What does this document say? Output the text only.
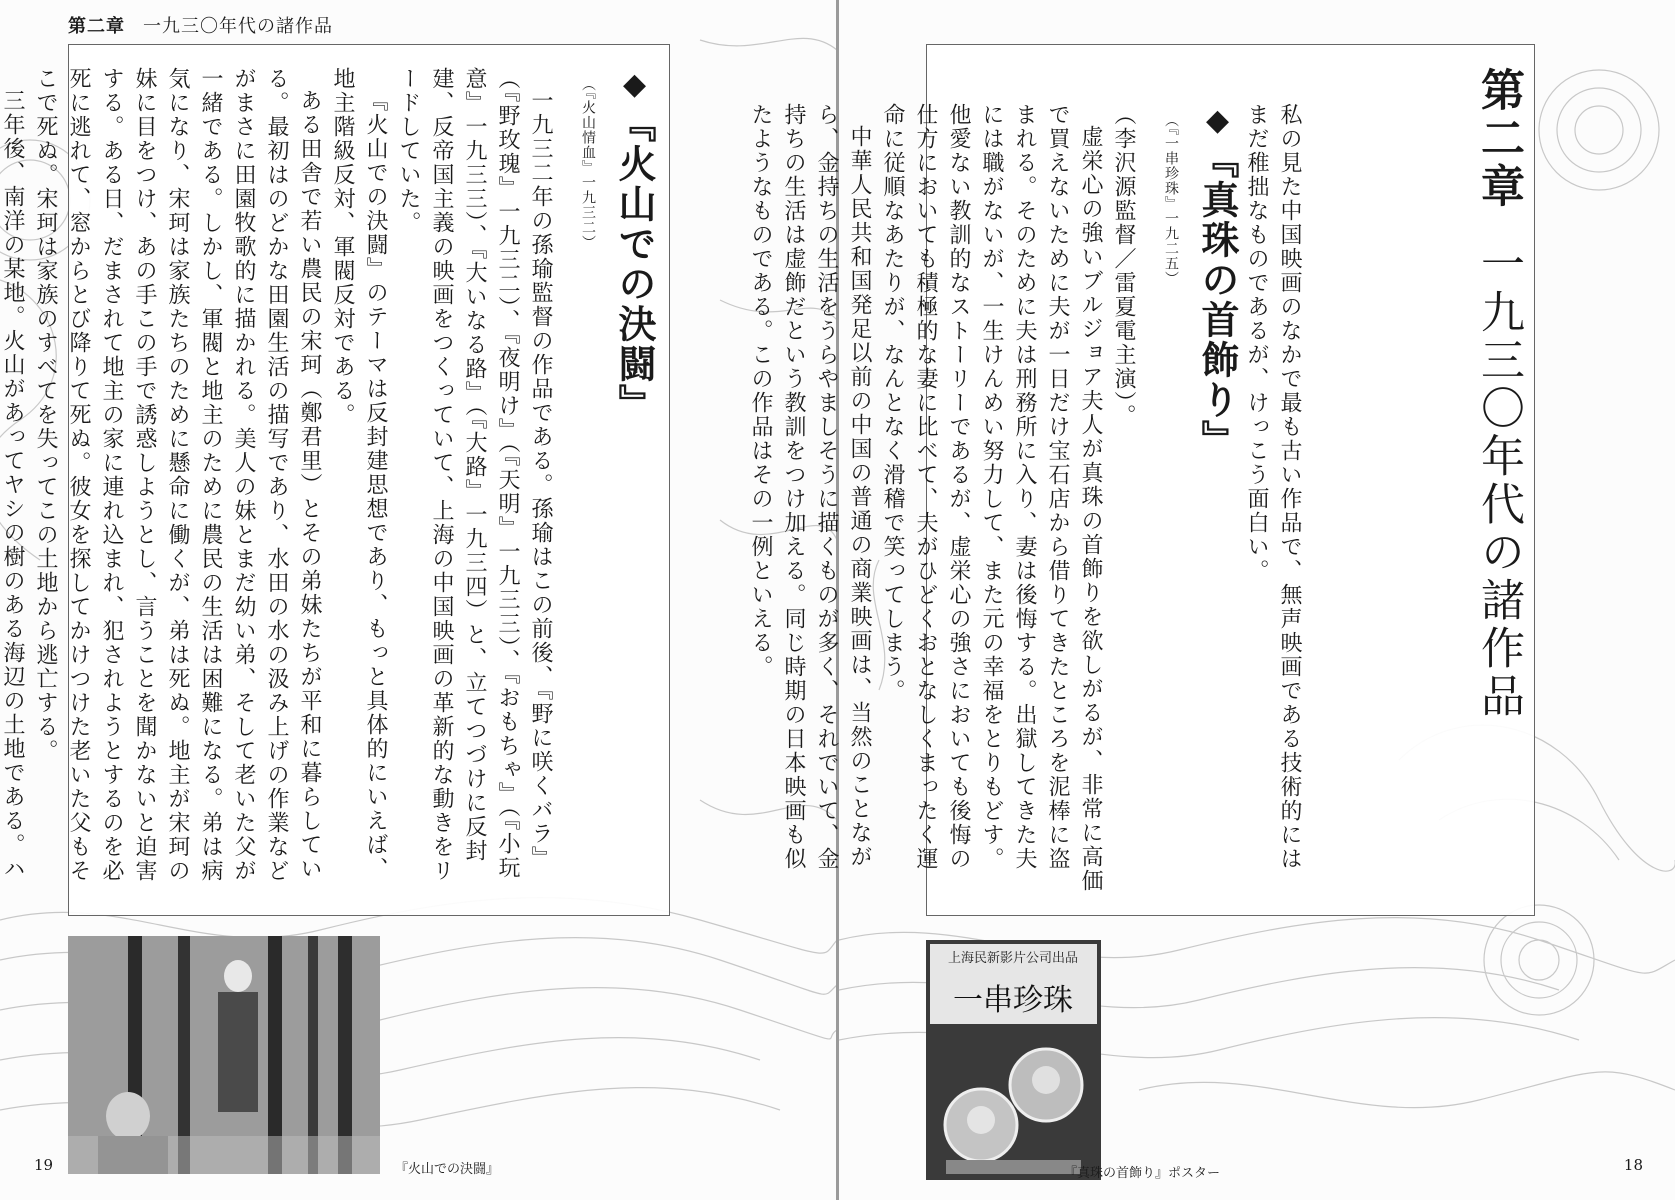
第二章 一九三〇年代の諸作品
◆『火山での決闘』
（『火山情血』一九三二）
一九三二年の孫瑜監督の作品である。孫瑜はこの前後、『野に咲くバラ』（『野玫瑰』一九三二）、『夜明け』（『天明』一九三三）、『おもちゃ』（『小玩意』一九三三）、『大いなる路』（『大路』一九三四）と、立てつづけに反封建、反帝国主義の映画をつくっていて、上海の中国映画の革新的な動きをリードしていた。
『火山での決闘』のテーマは反封建思想であり、もっと具体的にいえば、地主階級反対、軍閥反対である。
ある田舎で若い農民の宋珂（鄭君里）とその弟妹たちが平和に暮らしている。最初はのどかな田園生活の描写であり、水田の水の汲み上げの作業などがまさに田園牧歌的に描かれる。美人の妹とまだ幼い弟、そして老いた父が一緒である。しかし、軍閥と地主のために農民の生活は困難になる。弟は病気になり、宋珂は家族たちのために懸命に働くが、弟は死ぬ。地主が宋珂の妹に目をつけ、あの手この手で誘惑しようとし、言うことを聞かないと迫害する。ある日、だまされて地主の家に連れ込まれ、犯されようとするのを必死に逃れて、窓からとび降りて死ぬ。彼女を探してかけつけた老いた父もそこで死ぬ。宋珂は家族のすべてを失ってこの土地から逃亡する。
三年後、南洋の某地。火山があってヤシの樹のある海辺の土地である。ハ
『火山での決闘』
19
第二章一九三〇年代の諸作品
私の見た中国映画のなかで最も古い作品で、無声映画である技術的にはまだ稚拙なものであるが、けっこう面白い。
◆『真珠の首飾り』
（『一串珍珠』一九二五）
（李沢源監督／雷夏電主演）。
虚栄心の強いブルジョア夫人が真珠の首飾りを欲しがるが、非常に高価で買えないために夫が一日だけ宝石店から借りてきたところを泥棒に盗まれる。そのために夫は刑務所に入り、妻は後悔する。出獄してきた夫には職がないが、一生けんめい努力して、また元の幸福をとりもどす。他愛ない教訓的なストーリーであるが、虚栄心の強さにおいても後悔の仕方においても積極的な妻に比べて、夫がひどくおとなしくまったく運命に従順なあたりが、なんとなく滑稽で笑ってしまう。
中華人民共和国発足以前の中国の普通の商業映画は、当然のことながら、金持ちの生活をうらやましそうに描くものが多く、それでいて、金持ちの生活は虚飾だという教訓をつけ加える。同じ時期の日本映画も似たようなものである。この作品はその一例といえる。
上海民新影片公司出品
一串珍珠
『真珠の首飾り』ポスター	18
